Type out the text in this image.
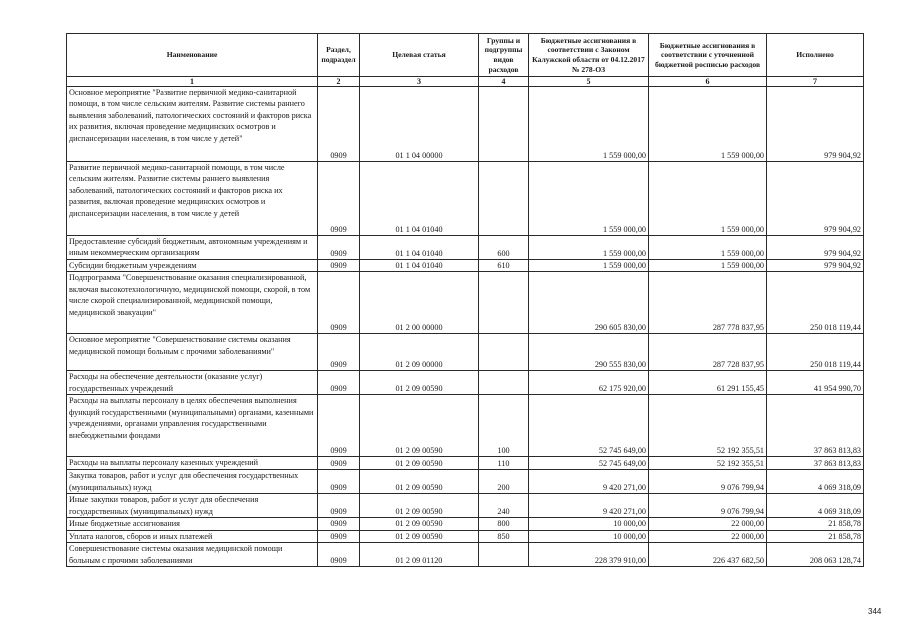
Наименование	Раздел, подраздел	Целевая статья	Группы и подгруппы видов расходов	Бюджетные ассигнования в соответствии с Законом Калужской области от 04.12.2017 № 278-ОЗ	Бюджетные ассигнования в соответствии с уточненной бюджетной росписью расходов	Исполнено
1	2	3	4	5	6	7
Основное мероприятие "Развитие первичной медико-санитарной помощи, в том числе сельским жителям. Развитие системы раннего выявления заболеваний, патологических состояний и факторов риска их развития, включая проведение медицинских осмотров и диспансеризации населения, в том числе у детей"	0909	01 1 04 00000		1 559 000,00	1 559 000,00	979 904,92
Развитие первичной медико-санитарной помощи, в том числе сельским жителям. Развитие системы раннего выявления заболеваний, патологических состояний и факторов риска их развития, включая проведение медицинских осмотров и диспансеризации населения, в том числе у детей	0909	01 1 04 01040		1 559 000,00	1 559 000,00	979 904,92
Предоставление субсидий бюджетным, автономным учреждениям и иным некоммерческим организациям	0909	01 1 04 01040	600	1 559 000,00	1 559 000,00	979 904,92
Субсидии бюджетным учреждениям	0909	01 1 04 01040	610	1 559 000,00	1 559 000,00	979 904,92
Подпрограмма "Совершенствование оказания специализированной, включая высокотехнологичную, медицинской помощи, скорой, в том числе скорой специализированной, медицинской помощи, медицинской эвакуации"	0909	01 2 00 00000		290 605 830,00	287 778 837,95	250 018 119,44
Основное мероприятие "Совершенствование системы оказания медицинской помощи больным с прочими заболеваниями"	0909	01 2 09 00000		290 555 830,00	287 728 837,95	250 018 119,44
Расходы на обеспечение деятельности (оказание услуг) государственных учреждений	0909	01 2 09 00590		62 175 920,00	61 291 155,45	41 954 990,70
Расходы на выплаты персоналу в целях обеспечения выполнения функций государственными (муниципальными) органами, казенными учреждениями, органами управления государственными внебюджетными фондами	0909	01 2 09 00590	100	52 745 649,00	52 192 355,51	37 863 813,83
Расходы на выплаты персоналу казенных учреждений	0909	01 2 09 00590	110	52 745 649,00	52 192 355,51	37 863 813,83
Закупка товаров, работ и услуг для обеспечения государственных (муниципальных) нужд	0909	01 2 09 00590	200	9 420 271,00	9 076 799,94	4 069 318,09
Иные закупки товаров, работ и услуг для обеспечения государственных (муниципальных) нужд	0909	01 2 09 00590	240	9 420 271,00	9 076 799,94	4 069 318,09
Иные бюджетные ассигнования	0909	01 2 09 00590	800	10 000,00	22 000,00	21 858,78
Уплата налогов, сборов и иных платежей	0909	01 2 09 00590	850	10 000,00	22 000,00	21 858,78
Совершенствование системы оказания медицинской помощи больным с прочими заболеваниями	0909	01 2 09 01120		228 379 910,00	226 437 682,50	208 063 128,74
344
